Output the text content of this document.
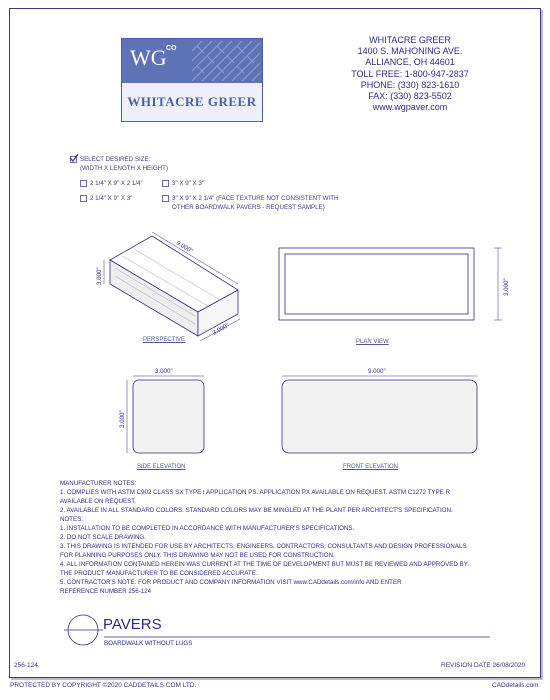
WG CO
WHITACRE GREER
WHITACRE GREER
1400 S. MAHONING AVE.
ALLIANCE, OH 44601
TOLL FREE: 1-800-947-2837
PHONE: (330) 823-1610
FAX: (330) 823-5502
www.wgpaver.com
SELECT DESIRED SIZE:
(WIDTH X LENGTH X HEIGHT)
2 1/4" X 9" X 2 1/4"	3" X 9" X 3"
2 1/4" X 9" X 3"	3" X 9" X 2 1/4" (FACE TEXTURE NOT CONSISTENT WITH
OTHER BOARDWALK PAVERS - REQUEST SAMPLE)
9.000"
3.000"
3.000"
3.000"
3.000"
3.000"
9.000"
PERSPECTIVE	PLAN VIEW
SIDE ELEVATION	FRONT ELEVATION
MANUFACTURER NOTES:
1. COMPLIES WITH ASTM C902 CLASS SX TYPE I APPLICATION PS. APPLICATION PX AVAILABLE ON REQUEST. ASTM C1272 TYPE R
AVAILABLE ON REQUEST.
2. AVAILABLE IN ALL STANDARD COLORS. STANDARD COLORS MAY BE MINGLED AT THE PLANT PER ARCHITECT'S SPECIFICATION.
NOTES:
1. INSTALLATION TO BE COMPLETED IN ACCORDANCE WITH MANUFACTURER'S SPECIFICATIONS.
2. DO NOT SCALE DRAWING.
3. THIS DRAWING IS INTENDED FOR USE BY ARCHITECTS, ENGINEERS, CONTRACTORS, CONSULTANTS AND DESIGN PROFESSIONALS
FOR PLANNING PURPOSES ONLY. THIS DRAWING MAY NOT BE USED FOR CONSTRUCTION.
4. ALL INFORMATION CONTAINED HEREIN WAS CURRENT AT THE TIME OF DEVELOPMENT BUT MUST BE REVIEWED AND APPROVED BY
THE PRODUCT MANUFACTURER TO BE CONSIDERED ACCURATE.
5. CONTRACTOR'S NOTE: FOR PRODUCT AND COMPANY INFORMATION VISIT www.CADdetails.com/info AND ENTER
REFERENCE NUMBER 256-124
PAVERS
BOARDWALK WITHOUT LUGS
256-124	REVISION DATE 26/08/2020
PROTECTED BY COPYRIGHT ©2020 CADDETAILS.COM LTD.	CADdetails.com
